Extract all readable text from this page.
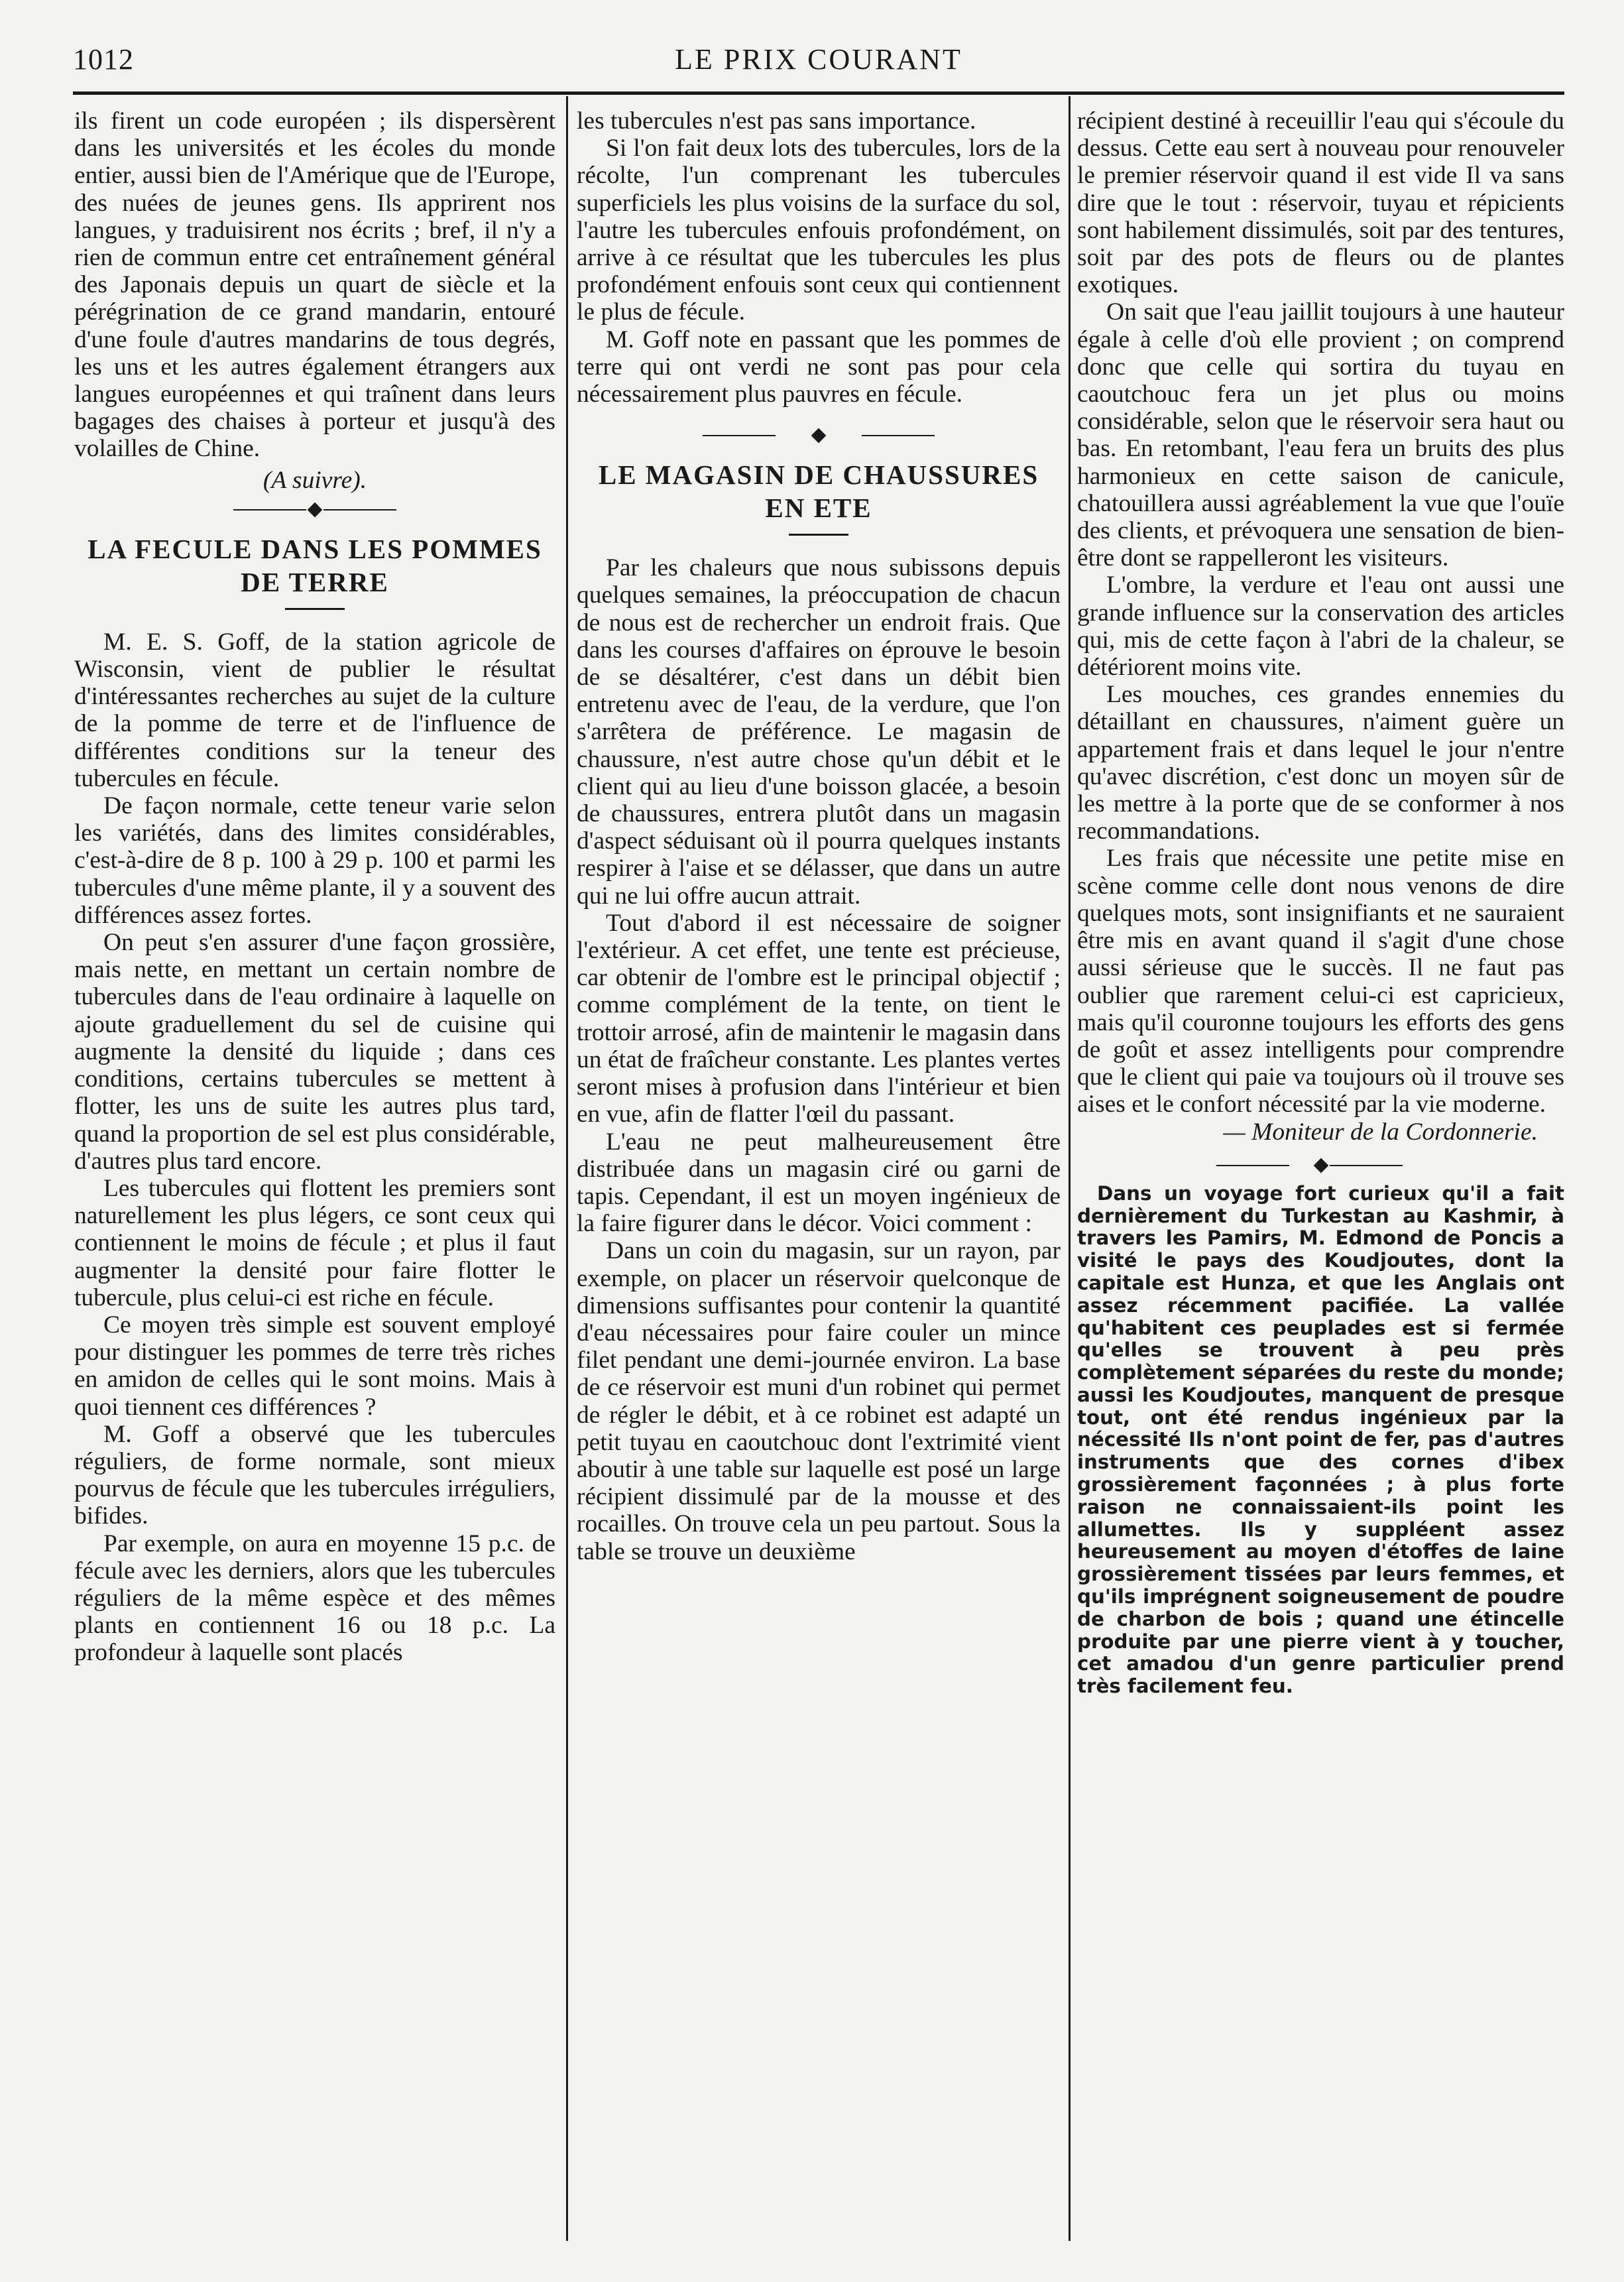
1012	LE PRIX COURANT

ils firent un code européen ; ils dispersèrent dans les universités et les écoles du monde entier, aussi bien de l'Amérique que de l'Europe, des nuées de jeunes gens. Ils apprirent nos langues, y traduisirent nos écrits ; bref, il n'y a rien de commun entre cet entraînement général des Japonais depuis un quart de siècle et la pérégrination de ce grand mandarin, entouré d'une foule d'autres mandarins de tous degrés, les uns et les autres également étrangers aux langues européennes et qui traînent dans leurs bagages des chaises à porteur et jusqu'à des volailles de Chine.

(A suivre).

LA FECULE DANS LES POMMES DE TERRE

M. E. S. Goff, de la station agricole de Wisconsin, vient de publier le résultat d'intéressantes recherches au sujet de la culture de la pomme de terre et de l'influence de différentes conditions sur la teneur des tubercules en fécule.

De façon normale, cette teneur varie selon les variétés, dans des limites considérables, c'est-à-dire de 8 p. 100 à 29 p. 100 et parmi les tubercules d'une même plante, il y a souvent des différences assez fortes.

On peut s'en assurer d'une façon grossière, mais nette, en mettant un certain nombre de tubercules dans de l'eau ordinaire à laquelle on ajoute graduellement du sel de cuisine qui augmente la densité du liquide ; dans ces conditions, certains tubercules se mettent à flotter, les uns de suite les autres plus tard, quand la proportion de sel est plus considérable, d'autres plus tard encore.

Les tubercules qui flottent les premiers sont naturellement les plus légers, ce sont ceux qui contiennent le moins de fécule ; et plus il faut augmenter la densité pour faire flotter le tubercule, plus celui-ci est riche en fécule.

Ce moyen très simple est souvent employé pour distinguer les pommes de terre très riches en amidon de celles qui le sont moins. Mais à quoi tiennent ces différences ?

M. Goff a observé que les tubercules réguliers, de forme normale, sont mieux pourvus de fécule que les tubercules irréguliers, bifides.

Par exemple, on aura en moyenne 15 p.c. de fécule avec les derniers, alors que les tubercules réguliers de la même espèce et des mêmes plants en contiennent 16 ou 18 p.c. La profondeur à laquelle sont placés

les tubercules n'est pas sans importance.

Si l'on fait deux lots des tubercules, lors de la récolte, l'un comprenant les tubercules superficiels les plus voisins de la surface du sol, l'autre les tubercules enfouis profondément, on arrive à ce résultat que les tubercules les plus profondément enfouis sont ceux qui contiennent le plus de fécule.

M. Goff note en passant que les pommes de terre qui ont verdi ne sont pas pour cela nécessairement plus pauvres en fécule.

LE MAGASIN DE CHAUSSURES EN ETE

Par les chaleurs que nous subissons depuis quelques semaines, la préoccupation de chacun de nous est de rechercher un endroit frais. Que dans les courses d'affaires on éprouve le besoin de se désaltérer, c'est dans un débit bien entretenu avec de l'eau, de la verdure, que l'on s'arrêtera de préférence. Le magasin de chaussure, n'est autre chose qu'un débit et le client qui au lieu d'une boisson glacée, a besoin de chaussures, entrera plutôt dans un magasin d'aspect séduisant où il pourra quelques instants respirer à l'aise et se délasser, que dans un autre qui ne lui offre aucun attrait.

Tout d'abord il est nécessaire de soigner l'extérieur. A cet effet, une tente est précieuse, car obtenir de l'ombre est le principal objectif ; comme complément de la tente, on tient le trottoir arrosé, afin de maintenir le magasin dans un état de fraîcheur constante. Les plantes vertes seront mises à profusion dans l'intérieur et bien en vue, afin de flatter l'œil du passant.

L'eau ne peut malheureusement être distribuée dans un magasin ciré ou garni de tapis. Cependant, il est un moyen ingénieux de la faire figurer dans le décor. Voici comment :

Dans un coin du magasin, sur un rayon, par exemple, on placer un réservoir quelconque de dimensions suffisantes pour contenir la quantité d'eau nécessaires pour faire couler un mince filet pendant une demi-journée environ. La base de ce réservoir est muni d'un robinet qui permet de régler le débit, et à ce robinet est adapté un petit tuyau en caoutchouc dont l'extrimité vient aboutir à une table sur laquelle est posé un large récipient dissimulé par de la mousse et des rocailles. On trouve cela un peu partout. Sous la table se trouve un deuxième

récipient destiné à receuillir l'eau qui s'écoule du dessus. Cette eau sert à nouveau pour renouveler le premier réservoir quand il est vide Il va sans dire que le tout : réservoir, tuyau et répicients sont habilement dissimulés, soit par des tentures, soit par des pots de fleurs ou de plantes exotiques.

On sait que l'eau jaillit toujours à une hauteur égale à celle d'où elle provient ; on comprend donc que celle qui sortira du tuyau en caoutchouc fera un jet plus ou moins considérable, selon que le réservoir sera haut ou bas. En retombant, l'eau fera un bruits des plus harmonieux en cette saison de canicule, chatouillera aussi agréablement la vue que l'ouïe des clients, et prévoquera une sensation de bien-être dont se rappelleront les visiteurs.

L'ombre, la verdure et l'eau ont aussi une grande influence sur la conservation des articles qui, mis de cette façon à l'abri de la chaleur, se détériorent moins vite.

Les mouches, ces grandes ennemies du détaillant en chaussures, n'aiment guère un appartement frais et dans lequel le jour n'entre qu'avec discrétion, c'est donc un moyen sûr de les mettre à la porte que de se conformer à nos recommandations.

Les frais que nécessite une petite mise en scène comme celle dont nous venons de dire quelques mots, sont insignifiants et ne sauraient être mis en avant quand il s'agit d'une chose aussi sérieuse que le succès. Il ne faut pas oublier que rarement celui-ci est capricieux, mais qu'il couronne toujours les efforts des gens de goût et assez intelligents pour comprendre que le client qui paie va toujours où il trouve ses aises et le confort nécessité par la vie moderne.

— Moniteur de la Cordonnerie.

Dans un voyage fort curieux qu'il a fait dernièrement du Turkestan au Kashmir, à travers les Pamirs, M. Edmond de Poncis a visité le pays des Koudjoutes, dont la capitale est Hunza, et que les Anglais ont assez récemment pacifiée. La vallée qu'habitent ces peuplades est si fermée qu'elles se trouvent à peu près complètement séparées du reste du monde; aussi les Koudjoutes, manquent de presque tout, ont été rendus ingénieux par la nécessité Ils n'ont point de fer, pas d'autres instruments que des cornes d'ibex grossièrement façonnées ; à plus forte raison ne connaissaient-ils point les allumettes. Ils y suppléent assez heureusement au moyen d'étoffes de laine grossièrement tissées par leurs femmes, et qu'ils imprégnent soigneusement de poudre de charbon de bois ; quand une étincelle produite par une pierre vient à y toucher, cet amadou d'un genre particulier prend très facilement feu.
